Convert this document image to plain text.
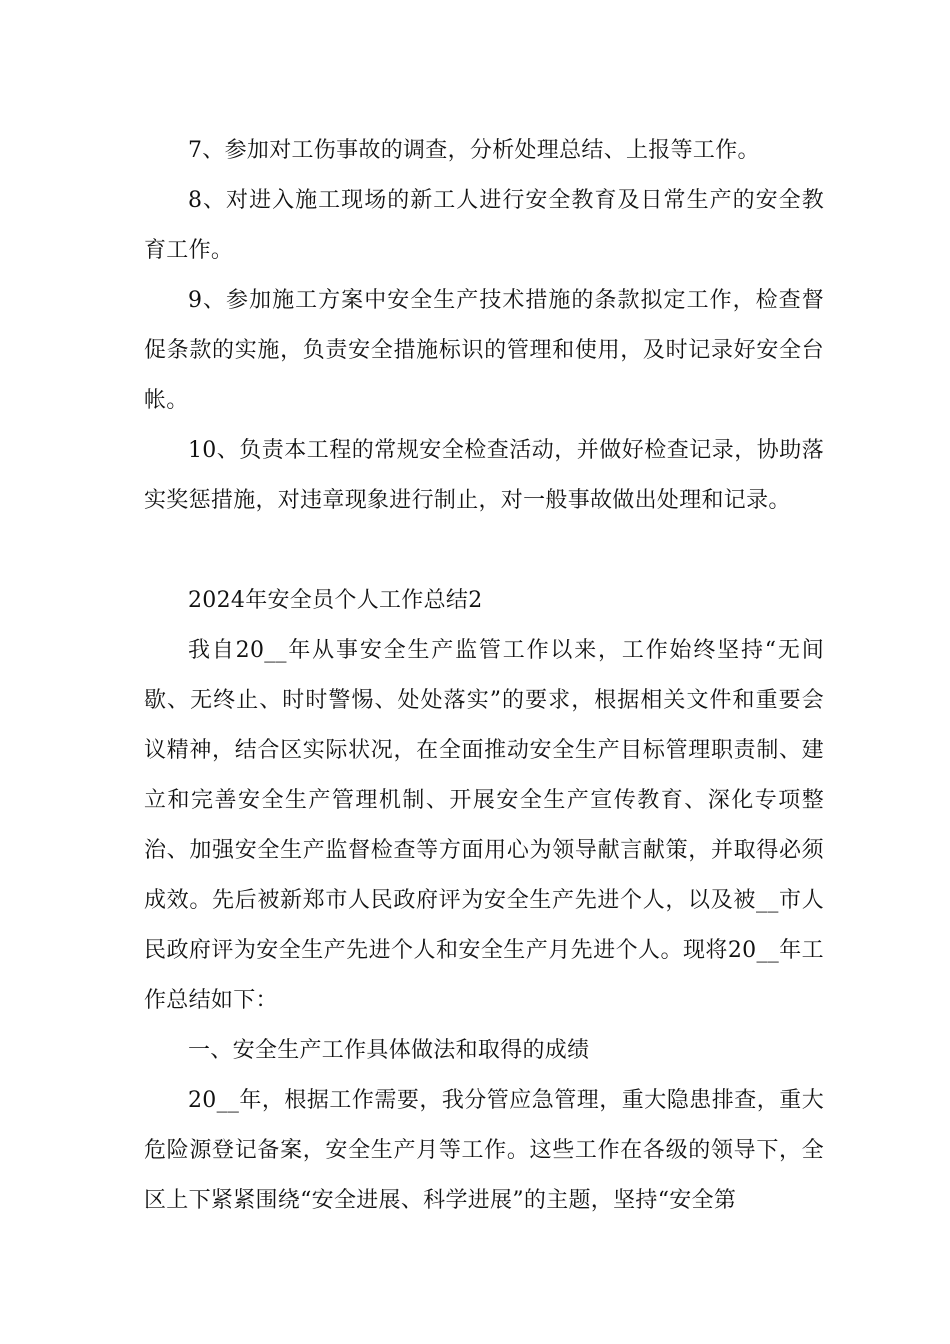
7、参加对工伤事故的调查，分析处理总结、上报等工作。

8、对进入施工现场的新工人进行安全教育及日常生产的安全教育工作。

9、参加施工方案中安全生产技术措施的条款拟定工作，检查督促条款的实施，负责安全措施标识的管理和使用，及时记录好安全台帐。

10、负责本工程的常规安全检查活动，并做好检查记录，协助落实奖惩措施，对违章现象进行制止，对一般事故做出处理和记录。

2024年安全员个人工作总结2

我自20__年从事安全生产监管工作以来，工作始终坚持“无间歇、无终止、时时警惕、处处落实”的要求，根据相关文件和重要会议精神，结合区实际状况，在全面推动安全生产目标管理职责制、建立和完善安全生产管理机制、开展安全生产宣传教育、深化专项整治、加强安全生产监督检查等方面用心为领导献言献策，并取得必须成效。先后被新郑市人民政府评为安全生产先进个人，以及被__市人民政府评为安全生产先进个人和安全生产月先进个人。现将20__年工作总结如下：

一、安全生产工作具体做法和取得的成绩

20__年，根据工作需要，我分管应急管理，重大隐患排查，重大危险源登记备案，安全生产月等工作。这些工作在各级的领导下，全区上下紧紧围绕“安全进展、科学进展”的主题，坚持“安全第
